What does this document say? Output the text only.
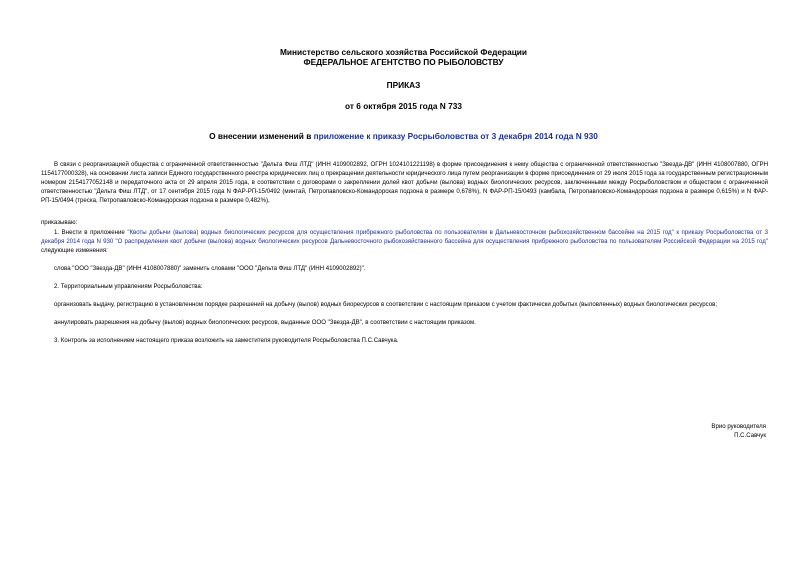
Министерство сельского хозяйства Российской Федерации
ФЕДЕРАЛЬНОЕ АГЕНТСТВО ПО РЫБОЛОВСТВУ
ПРИКАЗ
от 6 октября 2015 года N 733
О внесении изменений в приложение к приказу Росрыболовства от 3 декабря 2014 года N 930

В связи с реорганизацией общества с ограниченной ответственностью "Дельта Фиш ЛТД" (ИНН 4109002892, ОГРН 1024101221198) в форме присоединения к нему общества с ограниченной ответственностью "Звезда-ДВ" (ИНН 4108007880, ОГРН 1154177000328), на основании листа записи Единого государственного реестра юридических лиц о прекращении деятельности юридического лица путем реорганизации в форме присоединения от 29 июля 2015 года за государственным регистрационным номером 2154177052148 и передаточного акта от 29 апреля 2015 года, в соответствии с договорами о закреплении долей квот добычи (вылова) водных биологических ресурсов, заключенными между Росрыболовством и обществом с ограниченной ответственностью "Дельта Фиш ЛТД", от 17 сентября 2015 года N ФАР-РП-15/0492 (минтай, Петропавловско-Командорская подзона в размере 0,678%), N ФАР-РП-15/0493 (камбала, Петропавловско-Командорская подзона в размере 0,615%) и N ФАР-РП-15/0494 (треска, Петропавловско-Командорская подзона в размере 0,482%),

приказываю:

1. Внести в приложение "Квоты добычи (вылова) водных биологических ресурсов для осуществления прибрежного рыболовства по пользователям в Дальневосточном рыбохозяйственном бассейне на 2015 год" к приказу Росрыболовства от 3 декабря 2014 года N 930 "О распределении квот добычи (вылова) водных биологических ресурсов Дальневосточного рыбохозяйственного бассейна для осуществления прибрежного рыболовства по пользователям Российской Федерации на 2015 год" следующие изменения:

слова "ООО "Звезда-ДВ" (ИНН 4108007880)" заменить словами "ООО "Дельта Фиш ЛТД" (ИНН 4109002892)".

2. Территориальным управлениям Росрыболовства:

организовать выдачу, регистрацию в установленном порядке разрешений на добычу (вылов) водных биоресурсов в соответствии с настоящим приказом с учетом фактически добытых (выловленных) водных биологических ресурсов;

аннулировать разрешения на добычу (вылов) водных биологических ресурсов, выданные ООО "Звезда-ДВ", в соответствии с настоящим приказом.

3. Контроль за исполнением настоящего приказа возложить на заместителя руководителя Росрыболовства П.С.Савчука.

Врио руководителя
П.С.Савчук
